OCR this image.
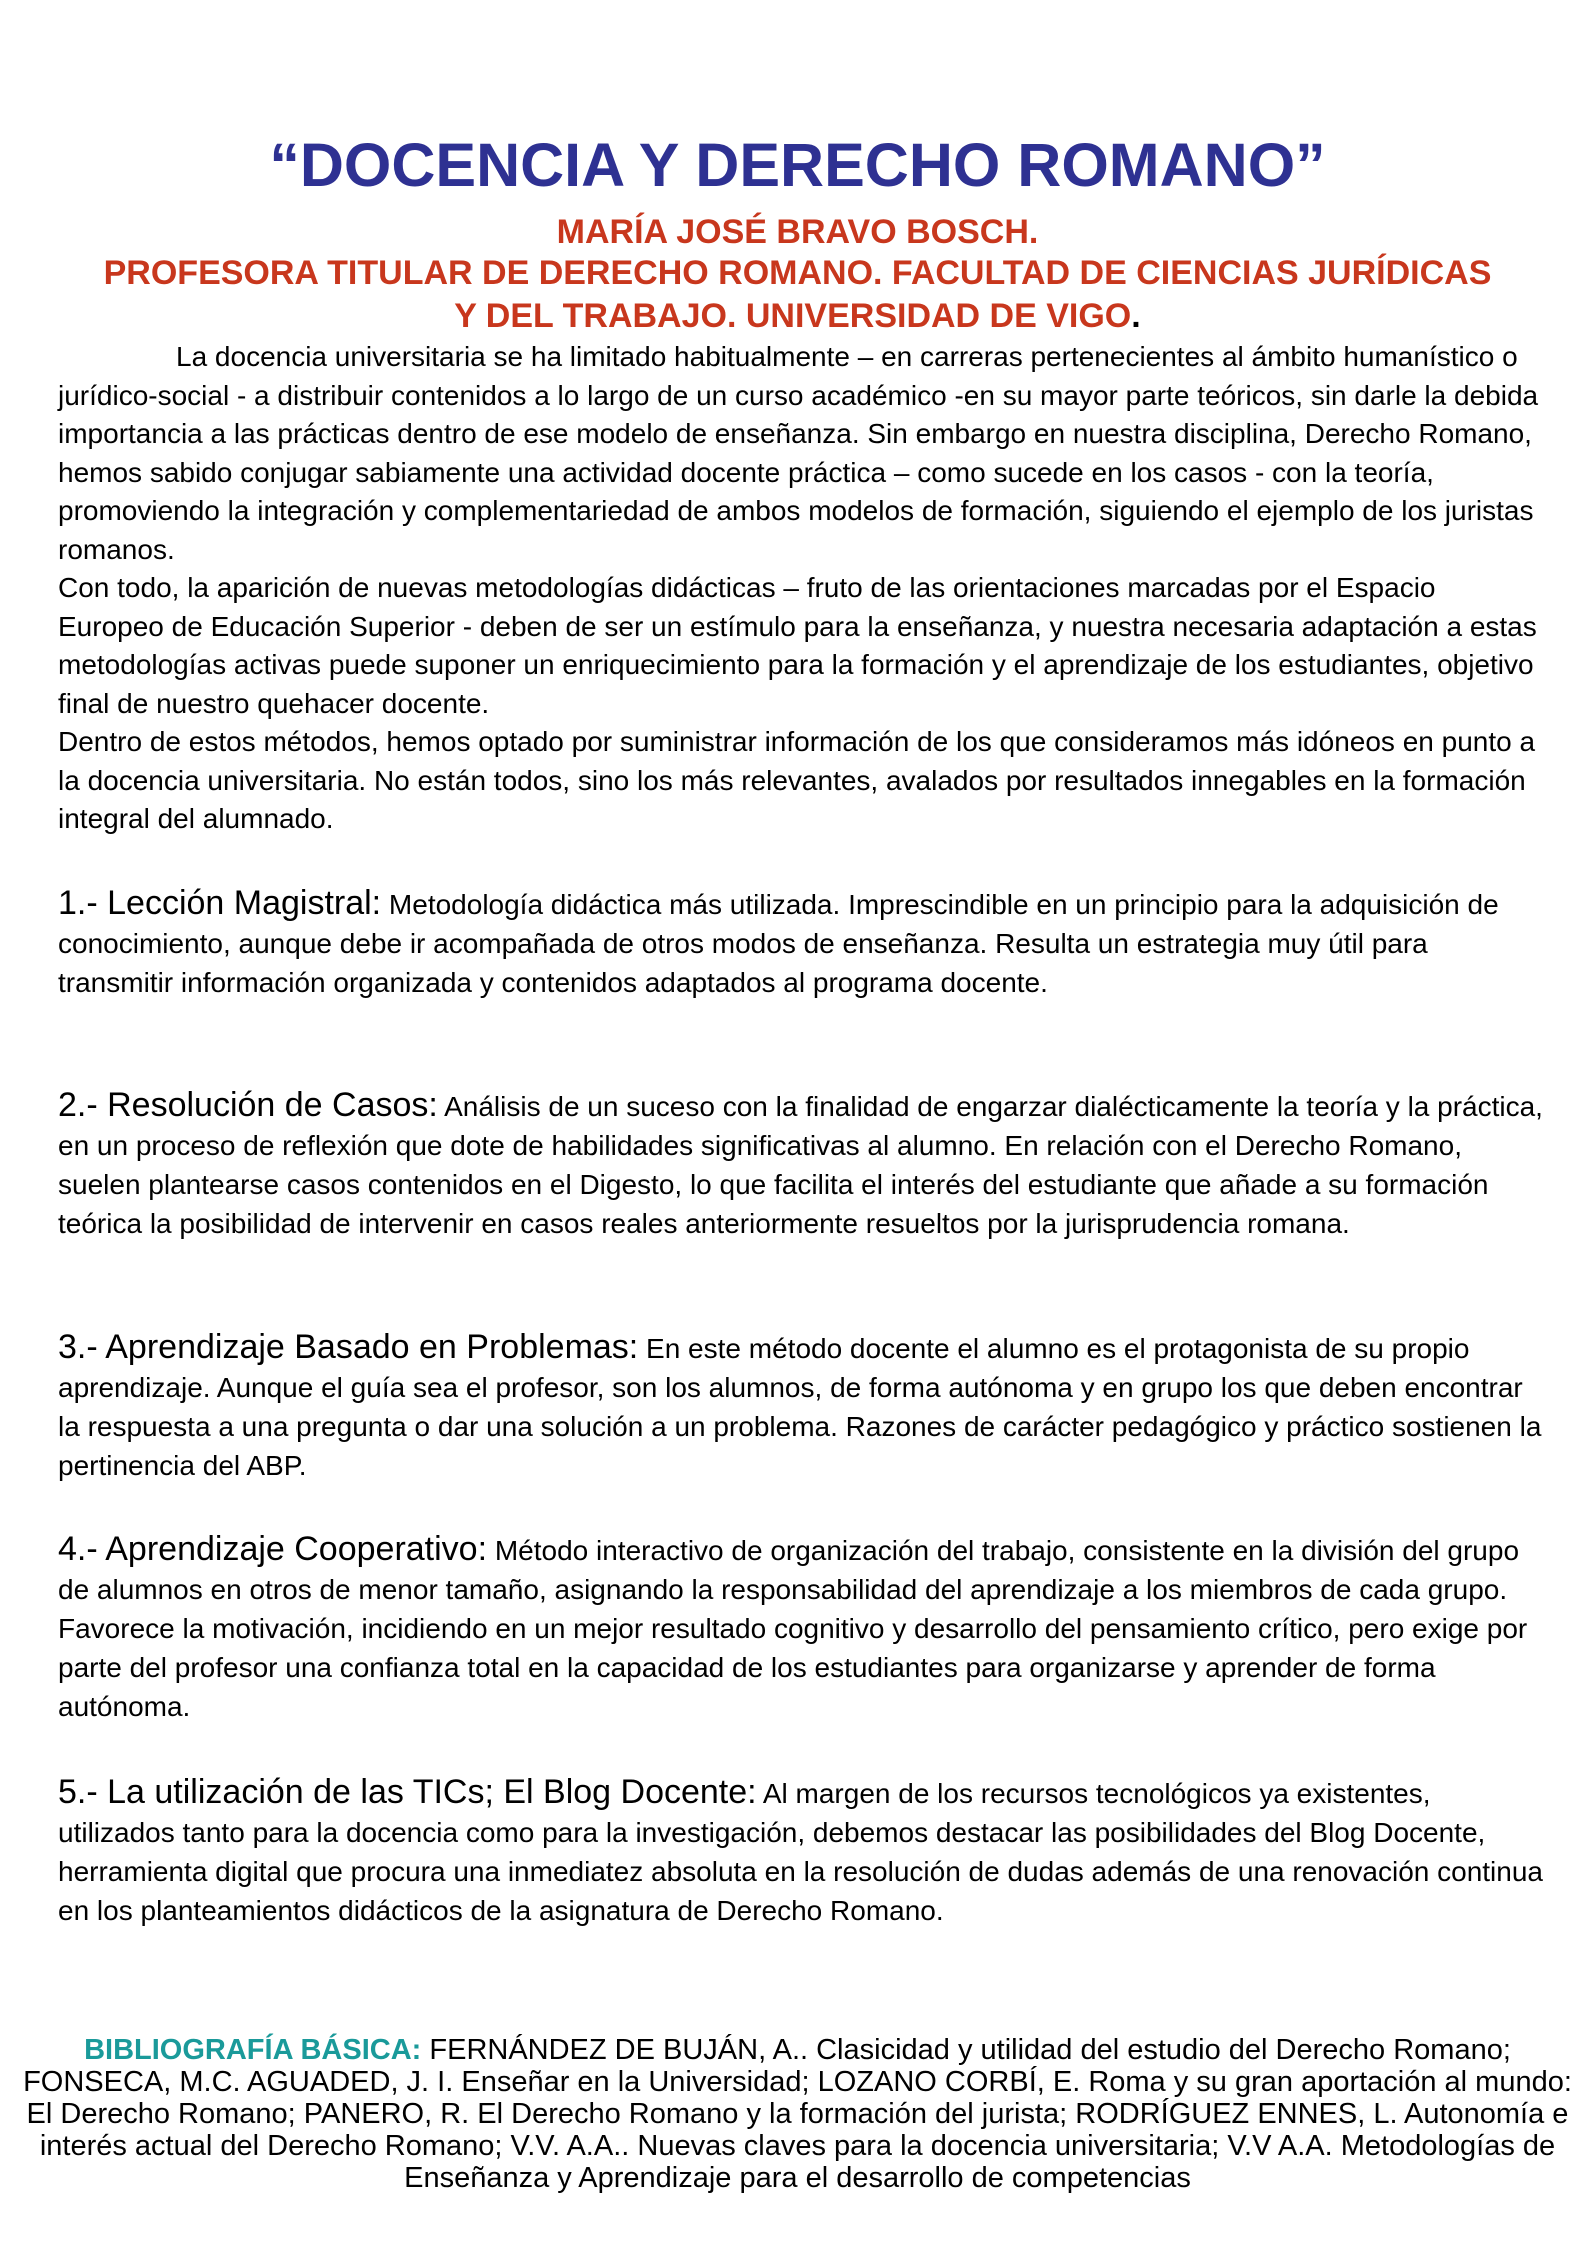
“DOCENCIA Y DERECHO ROMANO”
MARÍA JOSÉ BRAVO BOSCH.
PROFESORA TITULAR DE DERECHO ROMANO. FACULTAD DE CIENCIAS JURÍDICAS
Y DEL TRABAJO. UNIVERSIDAD DE VIGO.

La docencia universitaria se ha limitado habitualmente – en carreras pertenecientes al ámbito humanístico o jurídico-social - a distribuir contenidos a lo largo de un curso académico -en su mayor parte teóricos, sin darle la debida importancia a las prácticas dentro de ese modelo de enseñanza. Sin embargo en nuestra disciplina, Derecho Romano, hemos sabido conjugar sabiamente una actividad docente práctica – como sucede en los casos - con la teoría, promoviendo la integración y complementariedad de ambos modelos de formación, siguiendo el ejemplo de los juristas romanos.

Con todo, la aparición de nuevas metodologías didácticas – fruto de las orientaciones marcadas por el Espacio Europeo de Educación Superior - deben de ser un estímulo para la enseñanza, y nuestra necesaria adaptación a estas metodologías activas puede suponer un enriquecimiento para la formación y el aprendizaje de los estudiantes, objetivo final de nuestro quehacer docente.

Dentro de estos métodos, hemos optado por suministrar información de los que consideramos más idóneos en punto a la docencia universitaria. No están todos, sino los más relevantes, avalados por resultados innegables en la formación integral del alumnado.

1.- Lección Magistral: Metodología didáctica más utilizada. Imprescindible en un principio para la adquisición de conocimiento, aunque debe ir acompañada de otros modos de enseñanza. Resulta un estrategia muy útil para transmitir información organizada y contenidos adaptados al programa docente.

2.- Resolución de Casos: Análisis de un suceso con la finalidad de engarzar dialécticamente la teoría y la práctica, en un proceso de reflexión que dote de habilidades significativas al alumno. En relación con el Derecho Romano, suelen plantearse casos contenidos en el Digesto, lo que facilita el interés del estudiante que añade a su formación teórica la posibilidad de intervenir en casos reales anteriormente resueltos por la jurisprudencia romana.

3.- Aprendizaje Basado en Problemas: En este método docente el alumno es el protagonista de su propio aprendizaje. Aunque el guía sea el profesor, son los alumnos, de forma autónoma y en grupo los que deben encontrar la respuesta a una pregunta o dar una solución a un problema. Razones de carácter pedagógico y práctico sostienen la pertinencia del ABP.

4.- Aprendizaje Cooperativo: Método interactivo de organización del trabajo, consistente en la división del grupo de alumnos en otros de menor tamaño, asignando la responsabilidad del aprendizaje a los miembros de cada grupo. Favorece la motivación, incidiendo en un mejor resultado cognitivo y desarrollo del pensamiento crítico, pero exige por parte del profesor una confianza total en la capacidad de los estudiantes para organizarse y aprender de forma autónoma.

5.- La utilización de las TICs; El Blog Docente: Al margen de los recursos tecnológicos ya existentes, utilizados tanto para la docencia como para la investigación, debemos destacar las posibilidades del Blog Docente, herramienta digital que procura una inmediatez absoluta en la resolución de dudas además de una renovación continua en los planteamientos didácticos de la asignatura de Derecho Romano.

BIBLIOGRAFÍA BÁSICA: FERNÁNDEZ DE BUJÁN, A.. Clasicidad y utilidad del estudio del Derecho Romano; FONSECA, M.C. AGUADED, J. I. Enseñar en la Universidad; LOZANO CORBÍ, E. Roma y su gran aportación al mundo: El Derecho Romano; PANERO, R. El Derecho Romano y la formación del jurista; RODRÍGUEZ ENNES, L. Autonomía e interés actual del Derecho Romano; V.V. A.A.. Nuevas claves para la docencia universitaria; V.V A.A. Metodologías de Enseñanza y Aprendizaje para el desarrollo de competencias
